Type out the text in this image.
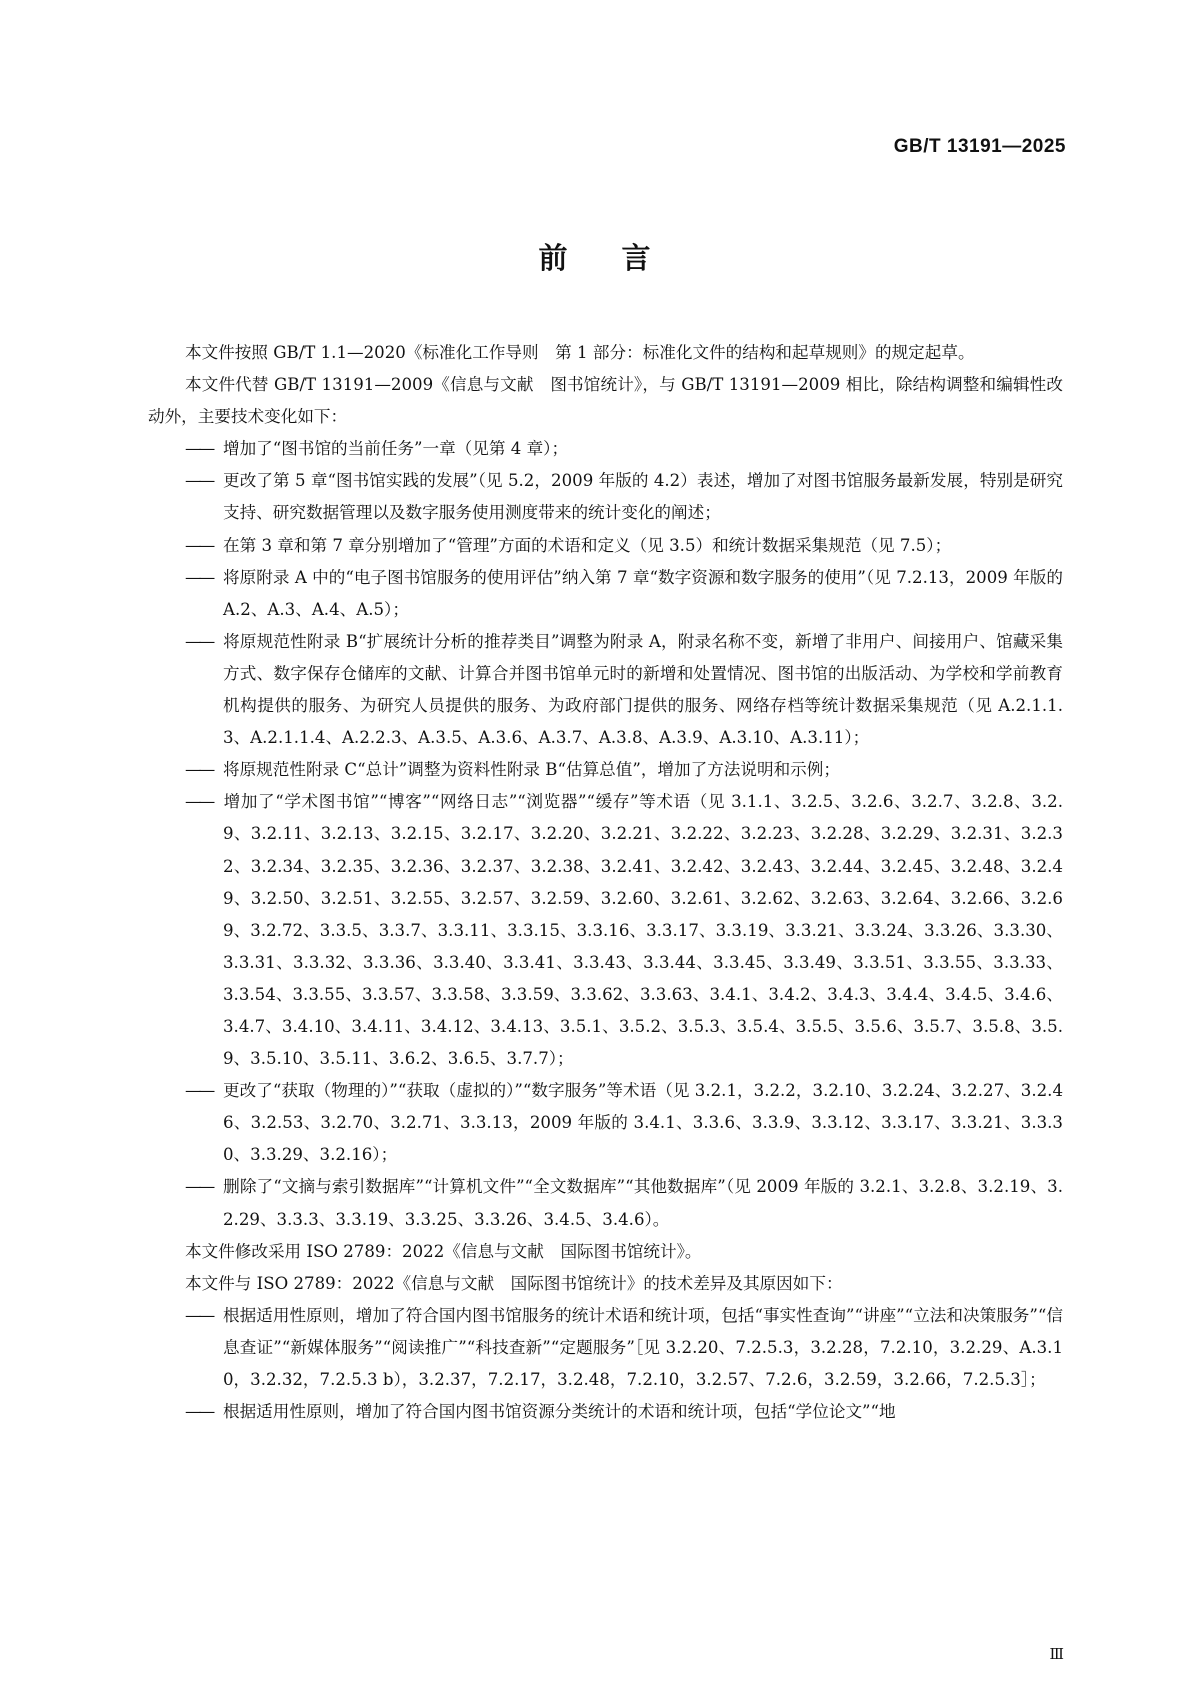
GB/T 13191—2025
前 言

本文件按照 GB/T 1.1—2020《标准化工作导则　第 1 部分：标准化文件的结构和起草规则》的规定起草。

本文件代替 GB/T 13191—2009《信息与文献　图书馆统计》，与 GB/T 13191—2009 相比，除结构调整和编辑性改动外，主要技术变化如下：

—— 增加了“图书馆的当前任务”一章（见第 4 章）；

—— 更改了第 5 章“图书馆实践的发展”（见 5.2，2009 年版的 4.2）表述，增加了对图书馆服务最新发展，特别是研究支持、研究数据管理以及数字服务使用测度带来的统计变化的阐述；

—— 在第 3 章和第 7 章分别增加了“管理”方面的术语和定义（见 3.5）和统计数据采集规范（见 7.5）；

—— 将原附录 A 中的“电子图书馆服务的使用评估”纳入第 7 章“数字资源和数字服务的使用”（见 7.2.13，2009 年版的 A.2、A.3、A.4、A.5）；

—— 将原规范性附录 B“扩展统计分析的推荐类目”调整为附录 A，附录名称不变，新增了非用户、间接用户、馆藏采集方式、数字保存仓储库的文献、计算合并图书馆单元时的新增和处置情况、图书馆的出版活动、为学校和学前教育机构提供的服务、为研究人员提供的服务、为政府部门提供的服务、网络存档等统计数据采集规范（见 A.2.1.1.3、A.2.1.1.4、A.2.2.3、A.3.5、A.3.6、A.3.7、A.3.8、A.3.9、A.3.10、A.3.11）；

—— 将原规范性附录 C“总计”调整为资料性附录 B“估算总值”，增加了方法说明和示例；

—— 增加了“学术图书馆”“博客”“网络日志”“浏览器”“缓存”等术语（见 3.1.1、3.2.5、3.2.6、3.2.7、3.2.8、3.2.9、3.2.11、3.2.13、3.2.15、3.2.17、3.2.20、3.2.21、3.2.22、3.2.23、3.2.28、3.2.29、3.2.31、3.2.32、3.2.34、3.2.35、3.2.36、3.2.37、3.2.38、3.2.41、3.2.42、3.2.43、3.2.44、3.2.45、3.2.48、3.2.49、3.2.50、3.2.51、3.2.55、3.2.57、3.2.59、3.2.60、3.2.61、3.2.62、3.2.63、3.2.64、3.2.66、3.2.69、3.2.72、3.3.5、3.3.7、3.3.11、3.3.15、3.3.16、3.3.17、3.3.19、3.3.21、3.3.24、3.3.26、3.3.30、3.3.31、3.3.32、3.3.36、3.3.40、3.3.41、3.3.43、3.3.44、3.3.45、3.3.49、3.3.51、3.3.55、3.3.33、3.3.54、3.3.55、3.3.57、3.3.58、3.3.59、3.3.62、3.3.63、3.4.1、3.4.2、3.4.3、3.4.4、3.4.5、3.4.6、3.4.7、3.4.10、3.4.11、3.4.12、3.4.13、3.5.1、3.5.2、3.5.3、3.5.4、3.5.5、3.5.6、3.5.7、3.5.8、3.5.9、3.5.10、3.5.11、3.6.2、3.6.5、3.7.7）；

—— 更改了“获取（物理的）”“获取（虚拟的）”“数字服务”等术语（见 3.2.1，3.2.2，3.2.10、3.2.24、3.2.27、3.2.46、3.2.53、3.2.70、3.2.71、3.3.13，2009 年版的 3.4.1、3.3.6、3.3.9、3.3.12、3.3.17、3.3.21、3.3.30、3.3.29、3.2.16）；

—— 删除了“文摘与索引数据库”“计算机文件”“全文数据库”“其他数据库”（见 2009 年版的 3.2.1、3.2.8、3.2.19、3.2.29、3.3.3、3.3.19、3.3.25、3.3.26、3.4.5、3.4.6）。

本文件修改采用 ISO 2789：2022《信息与文献　国际图书馆统计》。

本文件与 ISO 2789：2022《信息与文献　国际图书馆统计》的技术差异及其原因如下：

—— 根据适用性原则，增加了符合国内图书馆服务的统计术语和统计项，包括“事实性查询”“讲座”“立法和决策服务”“信息查证”“新媒体服务”“阅读推广”“科技查新”“定题服务”［见 3.2.20、7.2.5.3，3.2.28，7.2.10，3.2.29、A.3.10，3.2.32，7.2.5.3 b），3.2.37，7.2.17，3.2.48，7.2.10，3.2.57、7.2.6，3.2.59，3.2.66，7.2.5.3］；

—— 根据适用性原则，增加了符合国内图书馆资源分类统计的术语和统计项，包括“学位论文”“地

Ⅲ
